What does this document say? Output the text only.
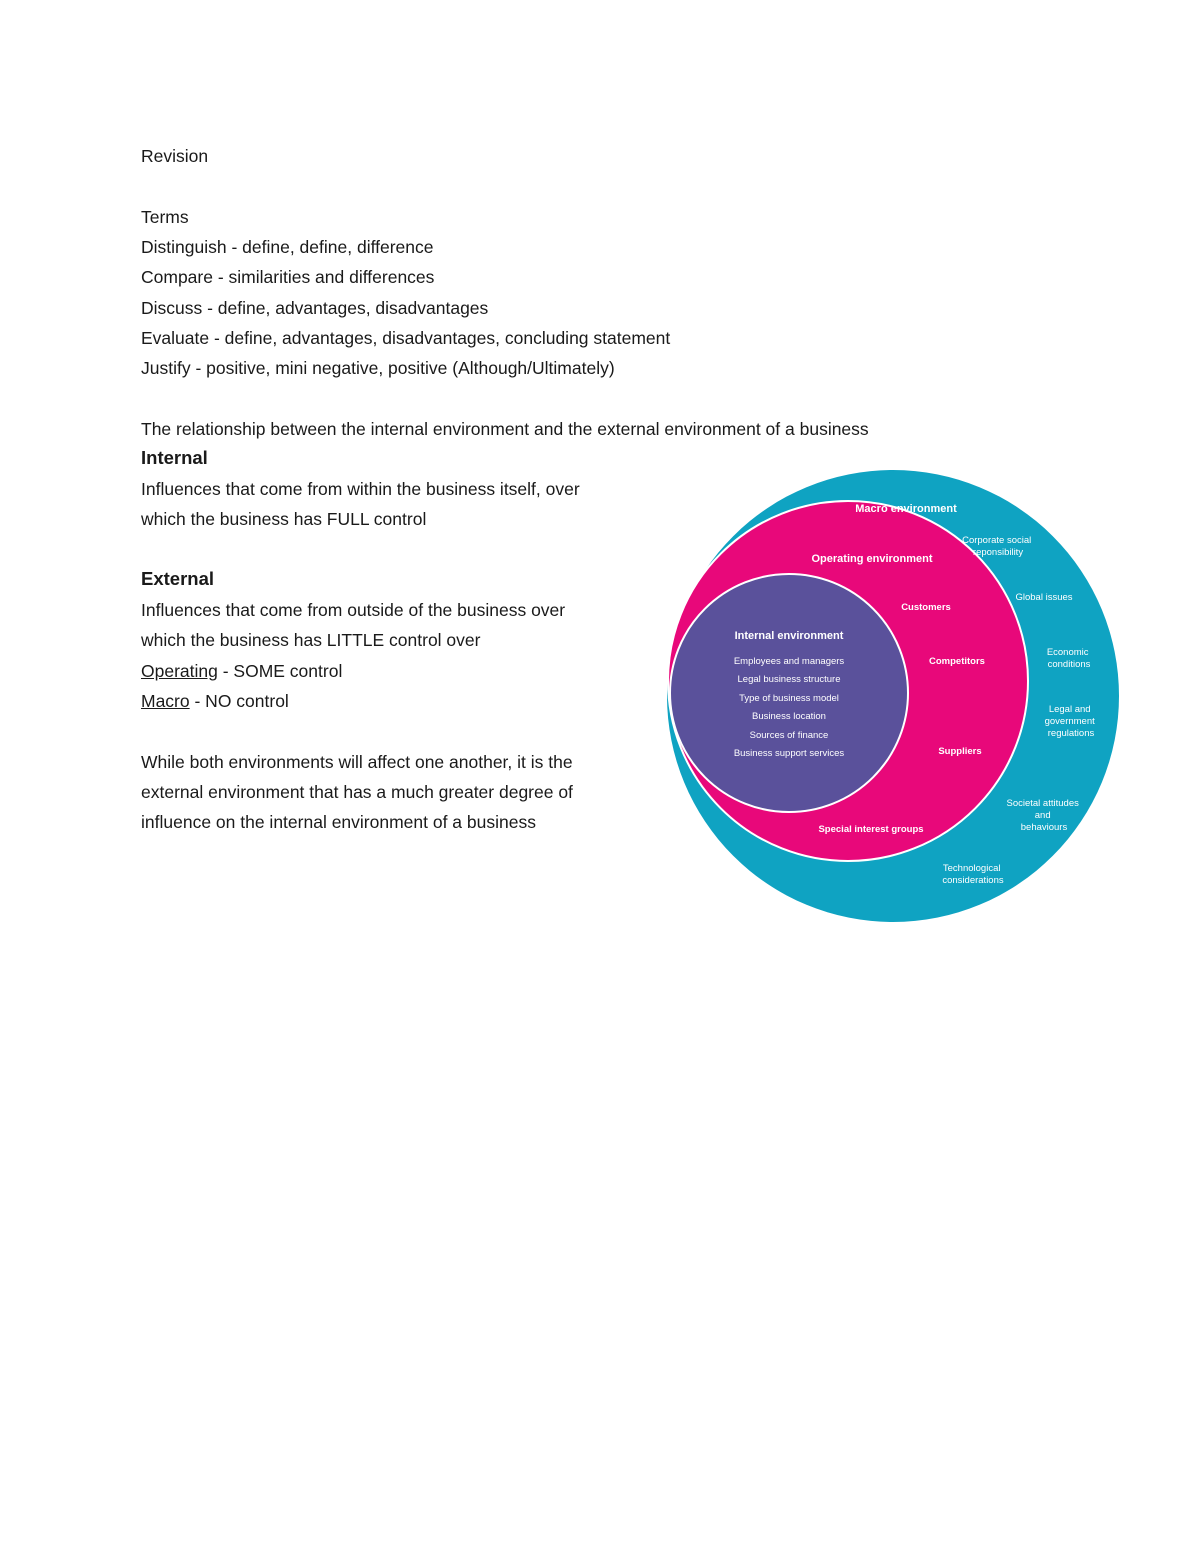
Revision
Terms
Distinguish - define, define, difference
Compare - similarities and differences
Discuss - define, advantages, disadvantages
Evaluate - define, advantages, disadvantages, concluding statement
Justify - positive, mini negative, positive (Although/Ultimately)
The relationship between the internal environment and the external environment of a business
Internal
Influences that come from within the business itself, over
which the business has FULL control
External
Influences that come from outside of the business over
which the business has LITTLE control over
Operating - SOME control
Macro - NO control
While both environments will affect one another, it is the
external environment that has a much greater degree of
influence on the internal environment of a business
Macro environment
Corporate social reponsibility
Global issues
Economic conditions
Legal and government regulations
Societal attitudes and behaviours
Technological considerations
Operating environment
Customers
Competitors
Suppliers
Special interest groups
Internal environment
Employees and managers
Legal business structure
Type of business model
Business location
Sources of finance
Business support services
